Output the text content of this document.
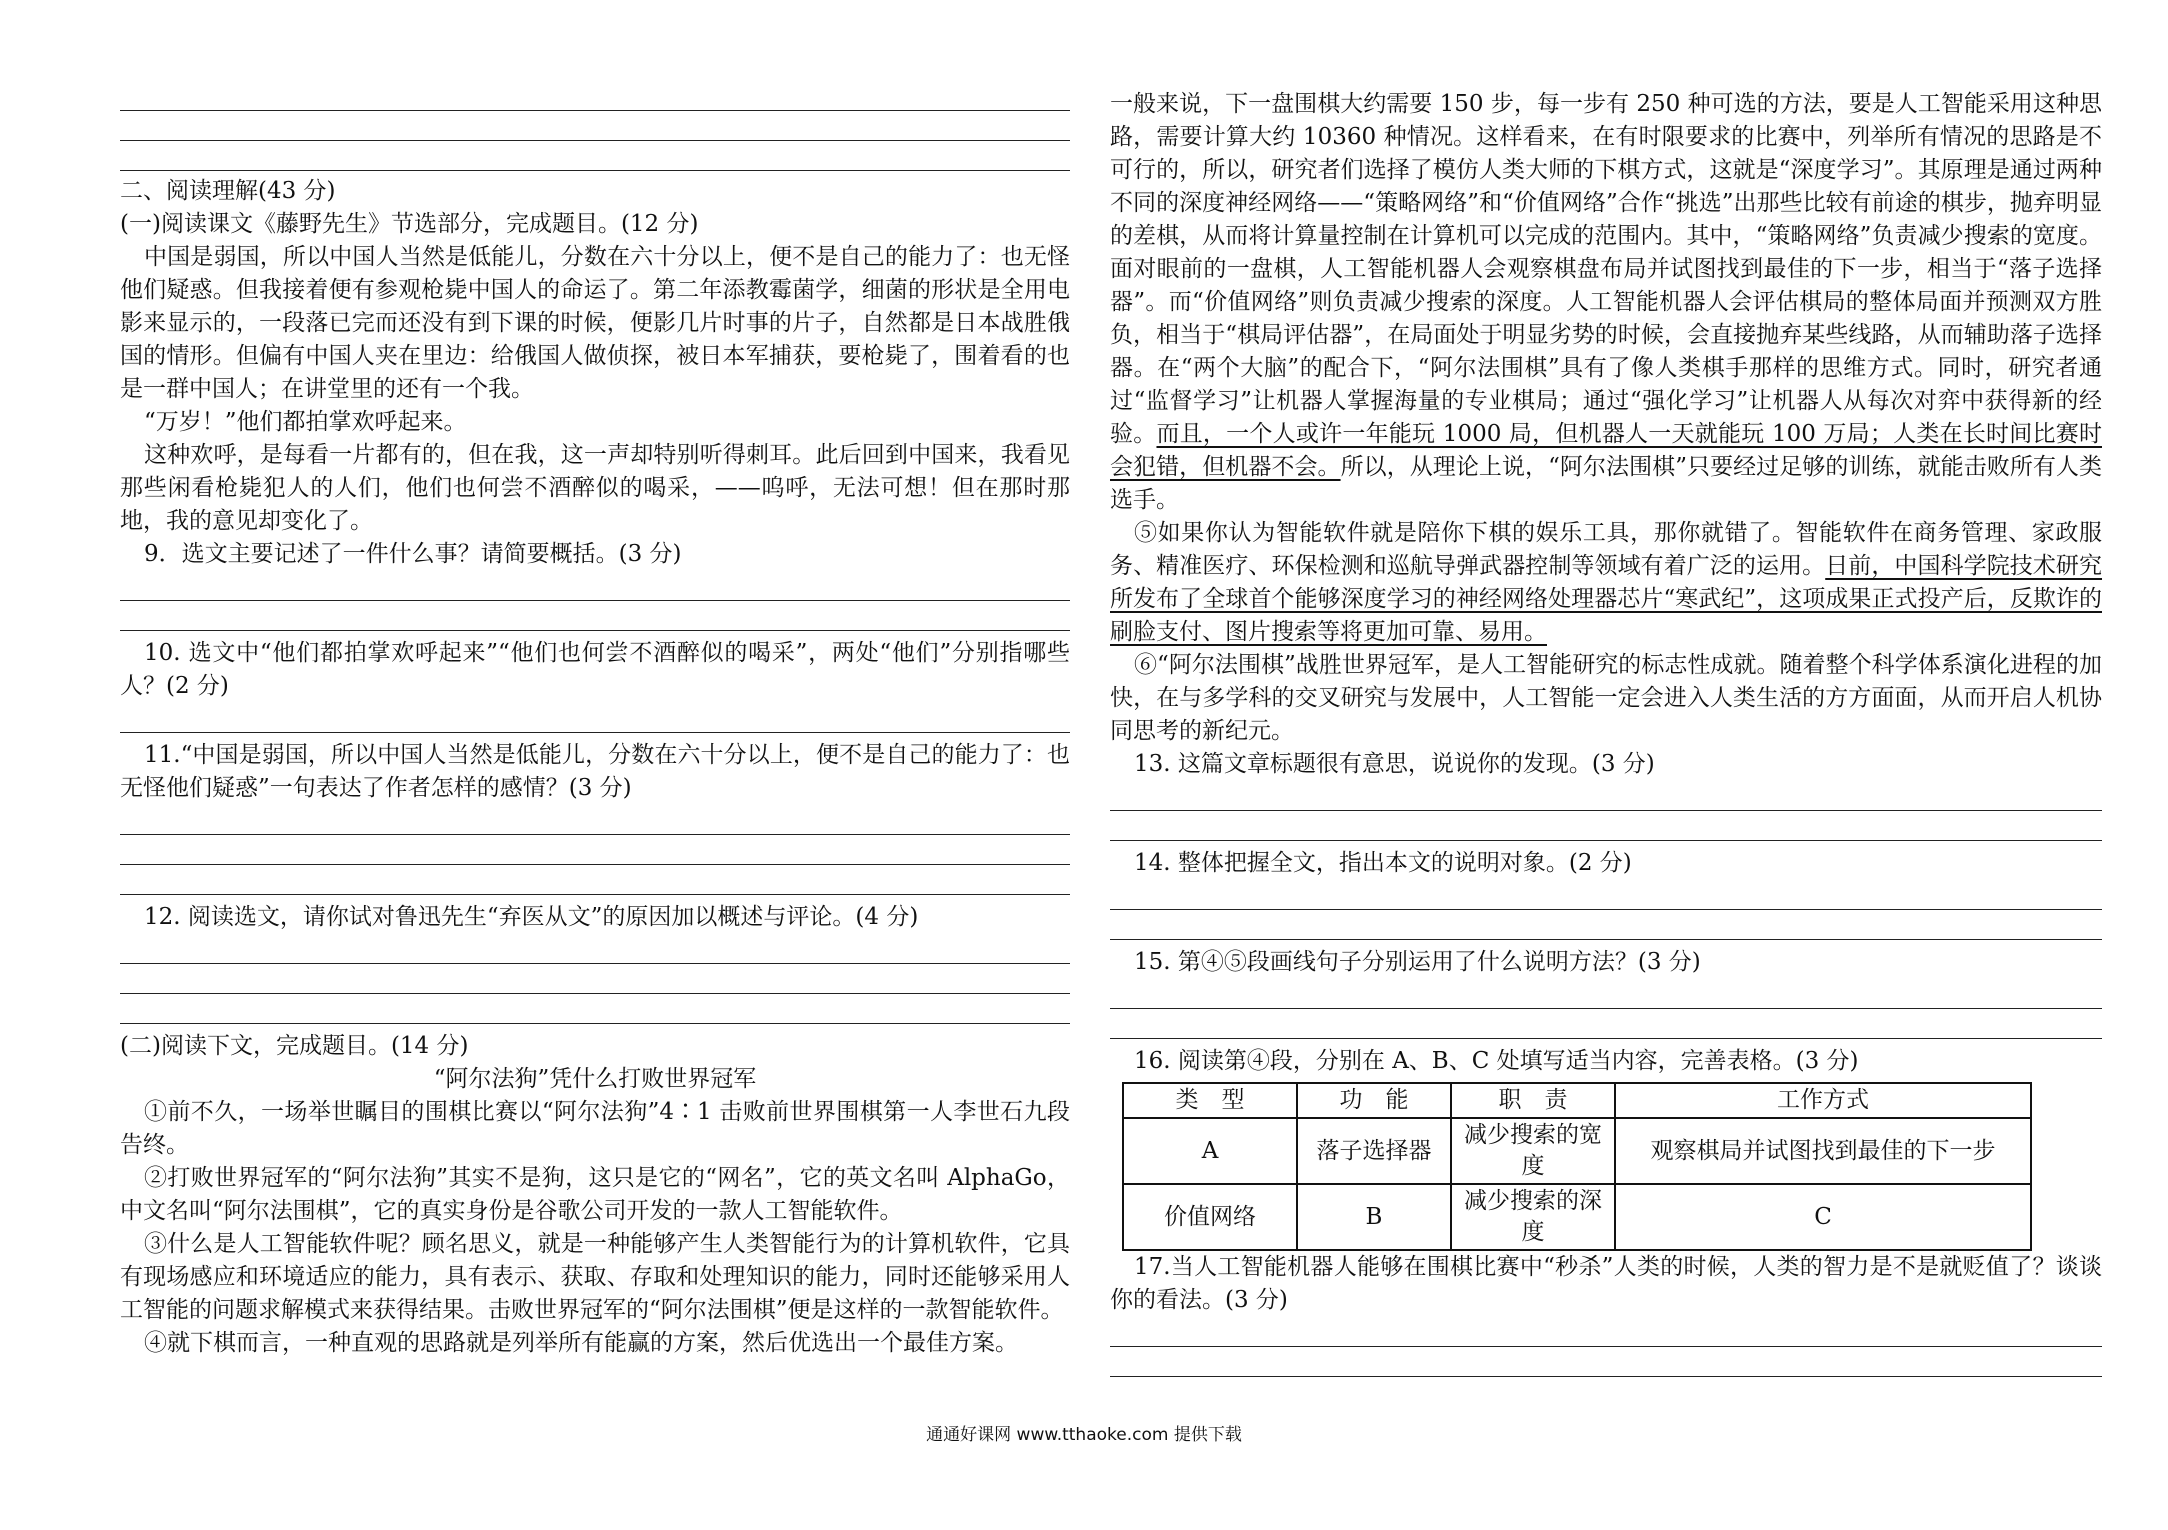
二、阅读理解(43 分)

(一)阅读课文《藤野先生》节选部分，完成题目。(12 分)

中国是弱国，所以中国人当然是低能儿，分数在六十分以上，便不是自己的能力了：也无怪他们疑惑。但我接着便有参观枪毙中国人的命运了。第二年添教霉菌学，细菌的形状是全用电影来显示的，一段落已完而还没有到下课的时候，便影几片时事的片子，自然都是日本战胜俄国的情形。但偏有中国人夹在里边：给俄国人做侦探，被日本军捕获，要枪毙了，围着看的也是一群中国人；在讲堂里的还有一个我。

“万岁！”他们都拍掌欢呼起来。

这种欢呼，是每看一片都有的，但在我，这一声却特别听得刺耳。此后回到中国来，我看见那些闲看枪毙犯人的人们，他们也何尝不酒醉似的喝采，——呜呼，无法可想！但在那时那地，我的意见却变化了。

9．选文主要记述了一件什么事？请简要概括。(3 分)

10. 选文中“他们都拍掌欢呼起来”“他们也何尝不酒醉似的喝采”，两处“他们”分别指哪些人？(2 分)

11.“中国是弱国，所以中国人当然是低能儿，分数在六十分以上，便不是自己的能力了：也无怪他们疑惑”一句表达了作者怎样的感情？(3 分)

12. 阅读选文，请你试对鲁迅先生“弃医从文”的原因加以概述与评论。(4 分)

(二)阅读下文，完成题目。(14 分)

“阿尔法狗”凭什么打败世界冠军

①前不久，一场举世瞩目的围棋比赛以“阿尔法狗”4∶1 击败前世界围棋第一人李世石九段告终。

②打败世界冠军的“阿尔法狗”其实不是狗，这只是它的“网名”，它的英文名叫 AlphaGo，中文名叫“阿尔法围棋”，它的真实身份是谷歌公司开发的一款人工智能软件。

③什么是人工智能软件呢？顾名思义，就是一种能够产生人类智能行为的计算机软件，它具有现场感应和环境适应的能力，具有表示、获取、存取和处理知识的能力，同时还能够采用人工智能的问题求解模式来获得结果。击败世界冠军的“阿尔法围棋”便是这样的一款智能软件。

④就下棋而言，一种直观的思路就是列举所有能赢的方案，然后优选出一个最佳方案。

一般来说，下一盘围棋大约需要 150 步，每一步有 250 种可选的方法，要是人工智能采用这种思路，需要计算大约 10360 种情况。这样看来，在有时限要求的比赛中，列举所有情况的思路是不可行的，所以，研究者们选择了模仿人类大师的下棋方式，这就是“深度学习”。其原理是通过两种不同的深度神经网络——“策略网络”和“价值网络”合作“挑选”出那些比较有前途的棋步，抛弃明显的差棋，从而将计算量控制在计算机可以完成的范围内。其中，“策略网络”负责减少搜索的宽度。面对眼前的一盘棋，人工智能机器人会观察棋盘布局并试图找到最佳的下一步，相当于“落子选择器”。而“价值网络”则负责减少搜索的深度。人工智能机器人会评估棋局的整体局面并预测双方胜负，相当于“棋局评估器”，在局面处于明显劣势的时候，会直接抛弃某些线路，从而辅助落子选择器。在“两个大脑”的配合下，“阿尔法围棋”具有了像人类棋手那样的思维方式。同时，研究者通过“监督学习”让机器人掌握海量的专业棋局；通过“强化学习”让机器人从每次对弈中获得新的经验。而且，一个人或许一年能玩 1000 局，但机器人一天就能玩 100 万局；人类在长时间比赛时会犯错，但机器不会。所以，从理论上说，“阿尔法围棋”只要经过足够的训练，就能击败所有人类选手。

⑤如果你认为智能软件就是陪你下棋的娱乐工具，那你就错了。智能软件在商务管理、家政服务、精准医疗、环保检测和巡航导弹武器控制等领域有着广泛的运用。日前，中国科学院技术研究所发布了全球首个能够深度学习的神经网络处理器芯片“寒武纪”，这项成果正式投产后，反欺诈的刷脸支付、图片搜索等将更加可靠、易用。

⑥“阿尔法围棋”战胜世界冠军，是人工智能研究的标志性成就。随着整个科学体系演化进程的加快，在与多学科的交叉研究与发展中，人工智能一定会进入人类生活的方方面面，从而开启人机协同思考的新纪元。

13. 这篇文章标题很有意思，说说你的发现。(3 分)

14. 整体把握全文，指出本文的说明对象。(2 分)

15. 第④⑤段画线句子分别运用了什么说明方法？(3 分)

16. 阅读第④段，分别在 A、B、C 处填写适当内容，完善表格。(3 分)

类　型	功　能	职　责	工作方式
A	落子选择器	减少搜索的宽度	观察棋局并试图找到最佳的下一步
价值网络	B	减少搜索的深度	C

17.当人工智能机器人能够在围棋比赛中“秒杀”人类的时候，人类的智力是不是就贬值了？谈谈你的看法。(3 分)

通通好课网 www.tthaoke.com 提供下载
